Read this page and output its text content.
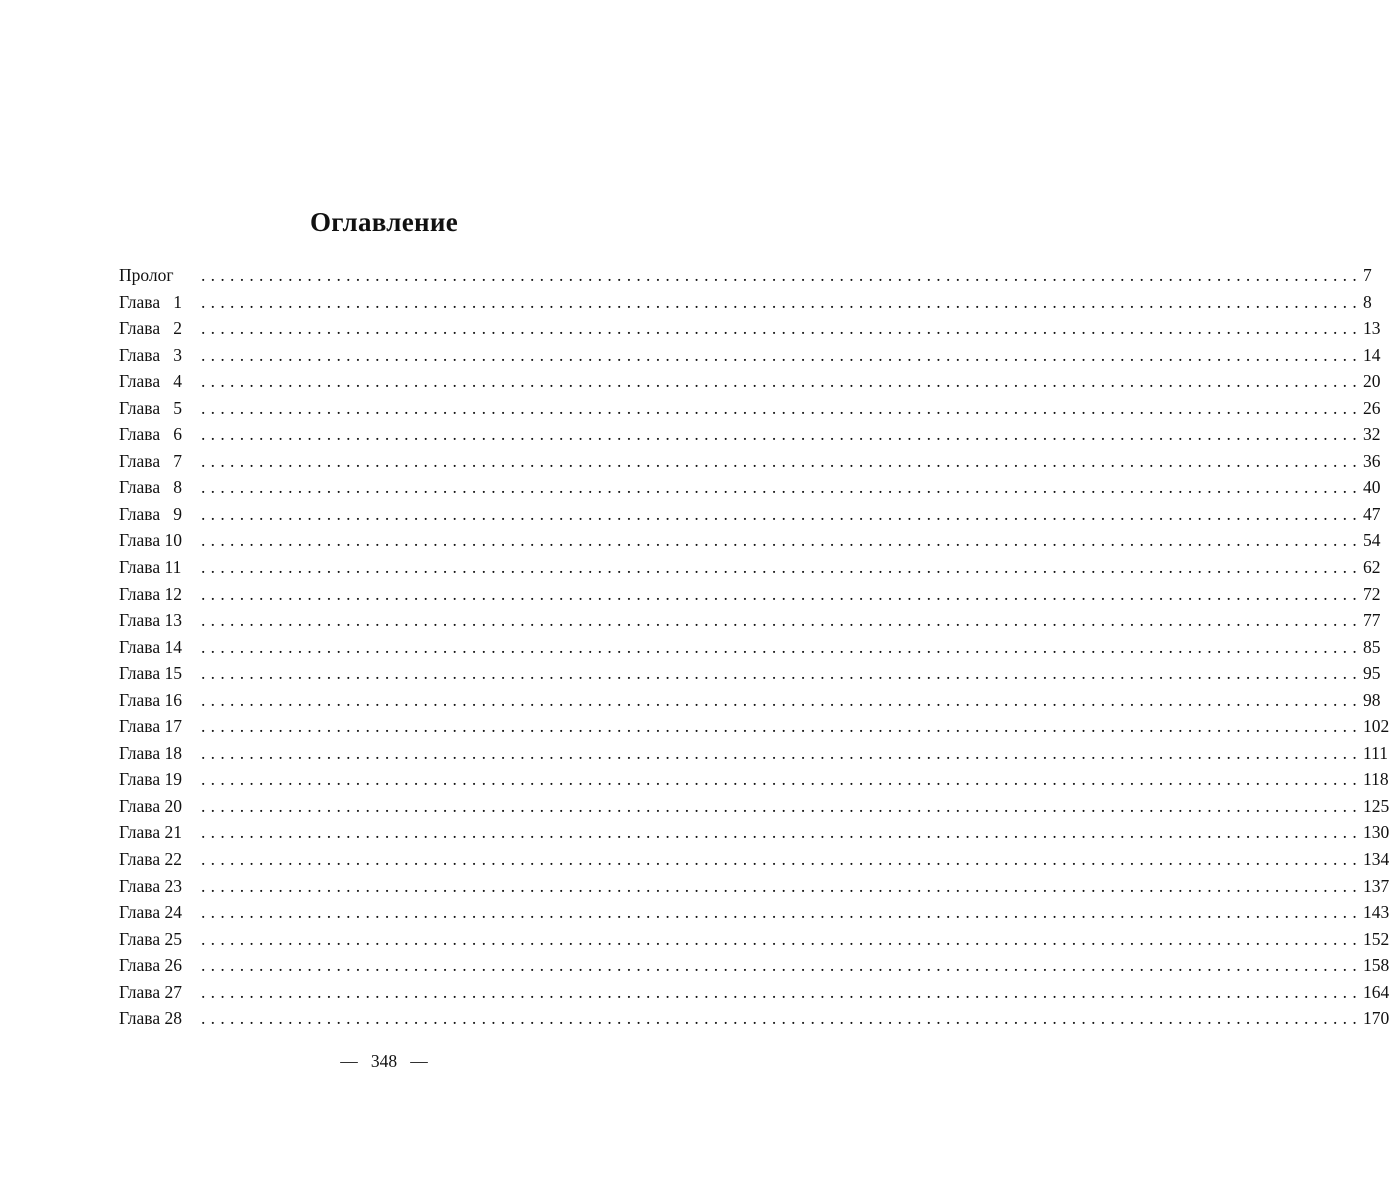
Оглавление
Пролог	........................................................................................................................ 7
Глава   1	........................................................................................................................ 8
Глава   2	........................................................................................................................ 13
Глава   3	........................................................................................................................ 14
Глава   4	........................................................................................................................ 20
Глава   5	........................................................................................................................ 26
Глава   6	........................................................................................................................ 32
Глава   7	........................................................................................................................ 36
Глава   8	........................................................................................................................ 40
Глава   9	........................................................................................................................ 47
Глава 10	........................................................................................................................ 54
Глава 11	........................................................................................................................ 62
Глава 12	........................................................................................................................ 72
Глава 13	........................................................................................................................ 77
Глава 14	........................................................................................................................ 85
Глава 15	........................................................................................................................ 95
Глава 16	........................................................................................................................ 98
Глава 17	........................................................................................................................ 102
Глава 18	........................................................................................................................ 111
Глава 19	........................................................................................................................ 118
Глава 20	........................................................................................................................ 125
Глава 21	........................................................................................................................ 130
Глава 22	........................................................................................................................ 134
Глава 23	........................................................................................................................ 137
Глава 24	........................................................................................................................ 143
Глава 25	........................................................................................................................ 152
Глава 26	........................................................................................................................ 158
Глава 27	........................................................................................................................ 164
Глава 28	........................................................................................................................ 170
—   348   —
